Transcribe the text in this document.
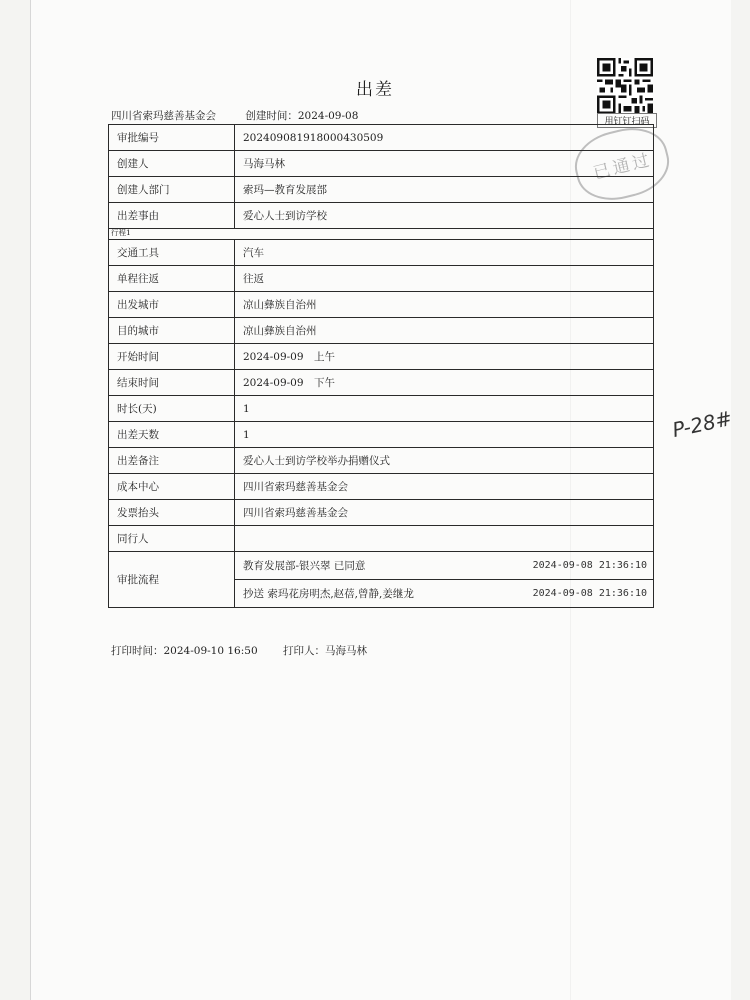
出差
四川省索玛慈善基金会	创建时间：2024-09-08	用钉钉扫码
已通过
审批编号	202409081918000430509
创建人	马海马林
创建人部门	索玛—教育发展部
出差事由	爱心人士到访学校
行程1	
交通工具	汽车
单程往返	往返
出发城市	凉山彝族自治州
目的城市	凉山彝族自治州
开始时间	2024-09-09　上午
结束时间	2024-09-09　下午
时长(天)	1
出差天数	1
出差备注	爱心人士到访学校举办捐赠仪式
成本中心	四川省索玛慈善基金会
发票抬头	四川省索玛慈善基金会
同行人	
审批流程	教育发展部-银兴翠 已同意 2024-09-08 21:36:10
抄送 索玛花房明杰,赵蓓,曾静,姜继龙 2024-09-08 21:36:10
打印时间：2024-09-10 16:50 打印人：马海马林
P-28#
